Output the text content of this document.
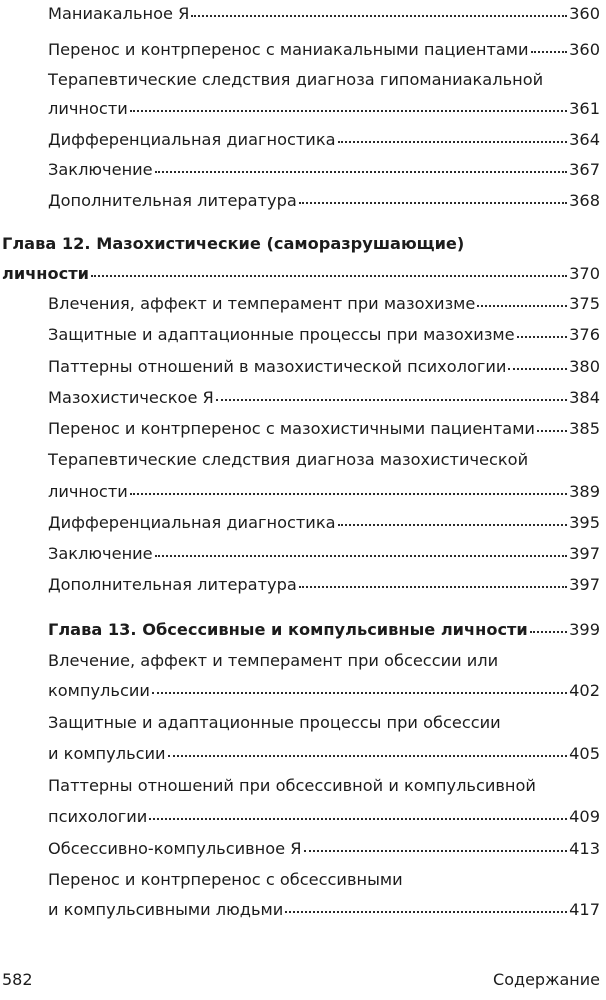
Маниакальное Я	360
Перенос и контрперенос с маниакальными пациентами	360
Терапевтические следствия диагноза гипоманиакальной
личности	361
Дифференциальная диагностика	364
Заключение	367
Дополнительная литература	368
Глава 12. Мазохистические (саморазрушающие)
личности	370
Влечения, аффект и темперамент при мазохизме	375
Защитные и адаптационные процессы при мазохизме	376
Паттерны отношений в мазохистической психологии	380
Мазохистическое Я	384
Перенос и контрперенос с мазохистичными пациентами 385
Терапевтические следствия диагноза мазохистической
личности	389
Дифференциальная диагностика	395
Заключение	397
Дополнительная литература	397
Глава 13. Обсессивные и компульсивные личности	399
Влечение, аффект и темперамент при обсессии или
компульсии	402
Защитные и адаптационные процессы при обсессии
и компульсии	405
Паттерны отношений при обсессивной и компульсивной
психологии	409
Обсессивно-компульсивное Я	413
Перенос и контрперенос с обсессивными
и компульсивными людьми	417
582	Содержание
